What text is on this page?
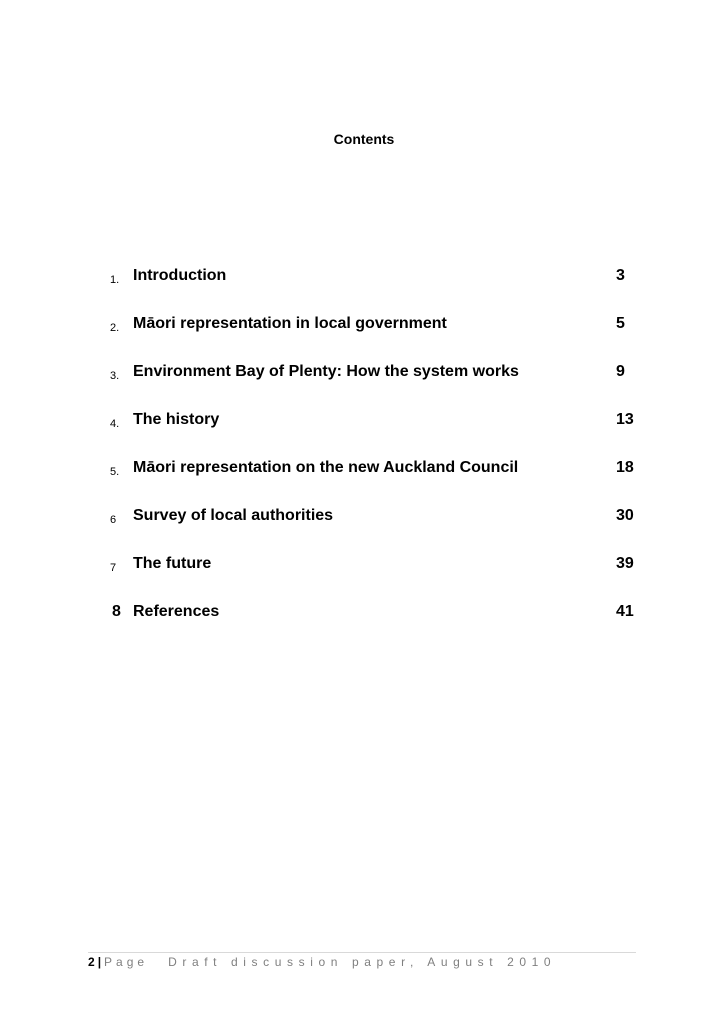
Contents
1. Introduction	3
2. Māori representation in local government	5
3. Environment Bay of Plenty: How the system works	9
4. The history	13
5. Māori representation on the new Auckland Council	18
6 Survey of local authorities	30
7 The future	39
8 References	41
2 | Page Draft discussion paper, August 2010
